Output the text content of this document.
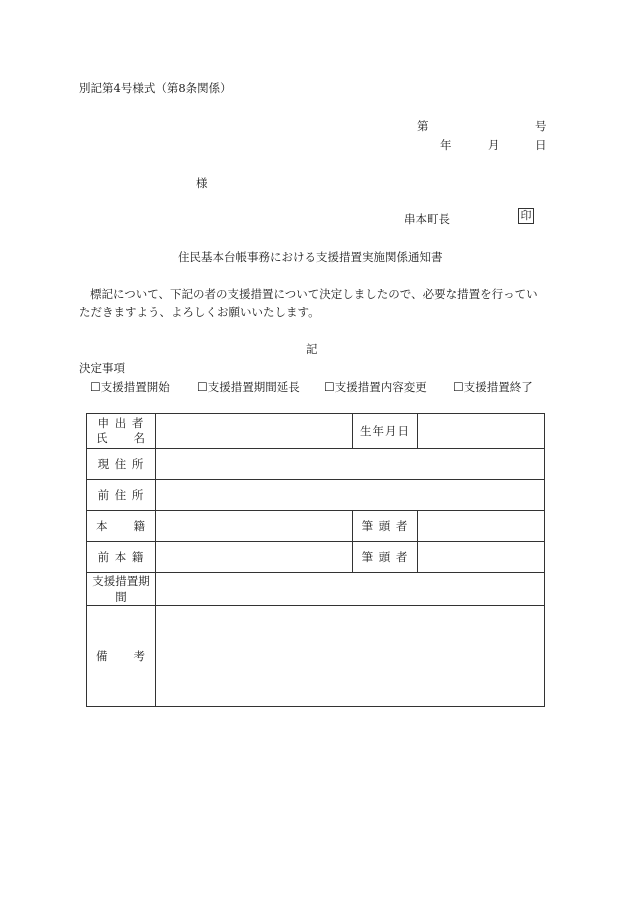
別記第4号様式（第8条関係）
第	号
年	月	日
様
串本町長	印
住民基本台帳事務における支援措置実施関係通知書
標記について、下記の者の支援措置について決定しましたので、必要な措置を行っていただきますよう、よろしくお願いいたします。
記
決定事項
☐支援措置開始 ☐支援措置期間延長 ☐支援措置内容変更 ☐支援措置終了
申 出 者
氏　　名		生年月日	
現 住 所			
前 住 所			
本　　籍		筆 頭 者	
前 本 籍		筆 頭 者	
支援措置期間			
備　　考			
